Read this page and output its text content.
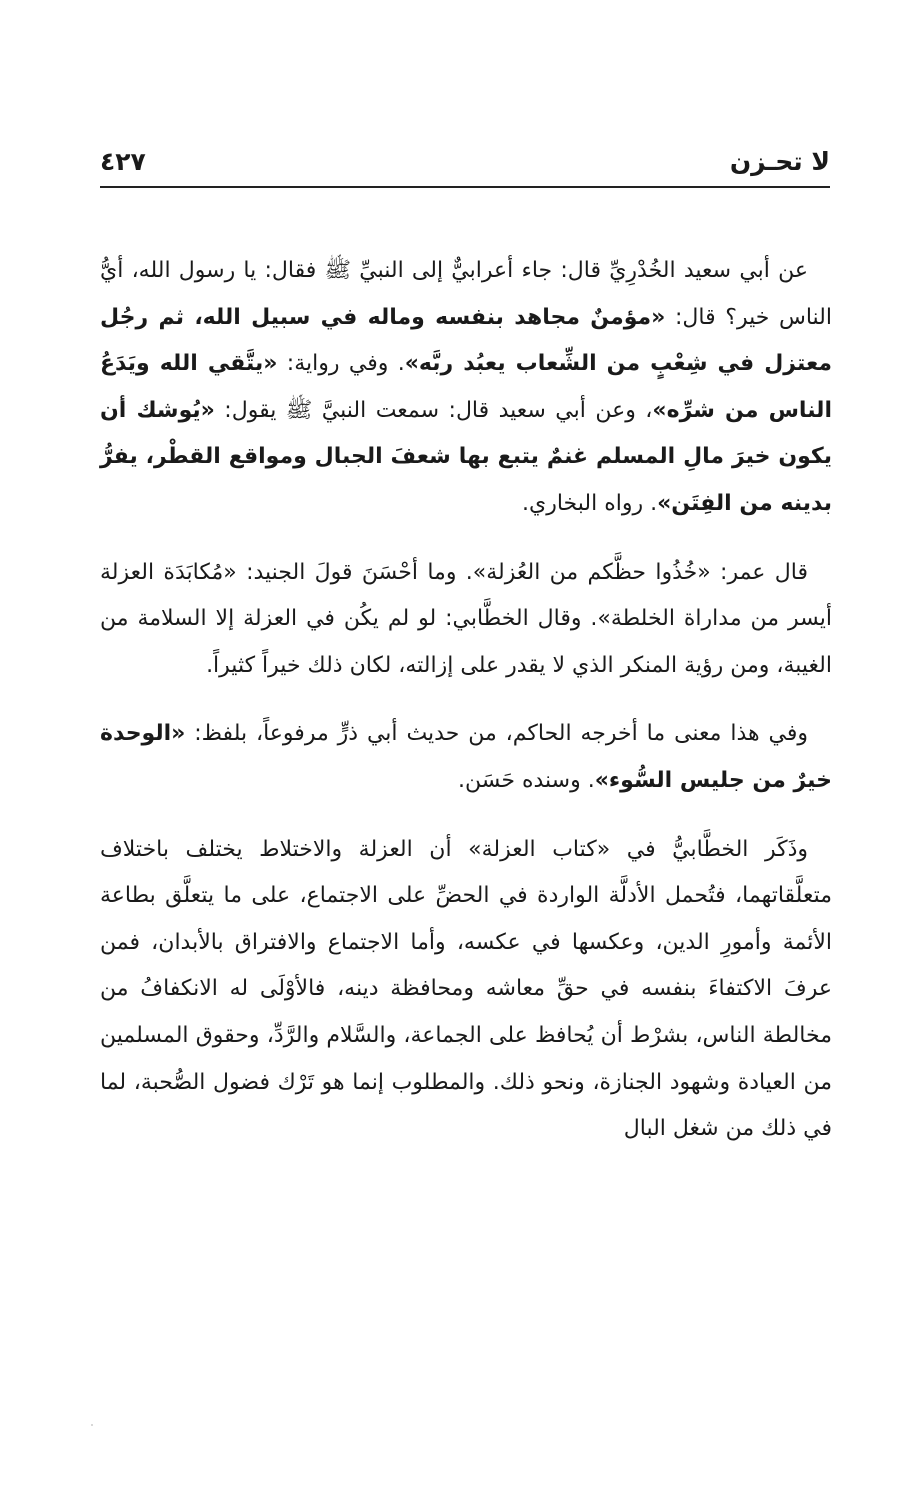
لا تحـزن
٤٢٧

عن أبي سعيد الخُدْرِيِّ قال: جاء أعرابيٌّ إلى النبيِّ ﷺ فقال: يا رسول الله، أيُّ الناس خير؟ قال: «مؤمنٌ مجاهد بنفسه وماله في سبيل الله، ثم رجُل معتزل في شِعْبٍ من الشِّعاب يعبُد ربَّه». وفي رواية: «يتَّقي الله ويَدَعُ الناس من شرِّه»، وعن أبي سعيد قال: سمعت النبيَّ ﷺ يقول: «يُوشك أن يكون خيرَ مالِ المسلم غنمٌ يتبع بها شعفَ الجبال ومواقع القطْر، يفرُّ بدينه من الفِتَن». رواه البخاري.

قال عمر: «خُذُوا حظَّكم من العُزلة». وما أحْسَنَ قولَ الجنيد: «مُكابَدَة العزلة أيسر من مداراة الخلطة». وقال الخطَّابي: لو لم يكُن في العزلة إلا السلامة من الغيبة، ومن رؤية المنكر الذي لا يقدر على إزالته، لكان ذلك خيراً كثيراً.

وفي هذا معنى ما أخرجه الحاكم، من حديث أبي ذرٍّ مرفوعاً، بلفظ: «الوحدة خيرٌ من جليس السُّوء». وسنده حَسَن.

وذَكَر الخطَّابيُّ في «كتاب العزلة» أن العزلة والاختلاط يختلف باختلاف متعلَّقاتهما، فتُحمل الأدلَّة الواردة في الحضِّ على الاجتماع، على ما يتعلَّق بطاعة الأئمة وأمورِ الدين، وعكسها في عكسه، وأما الاجتماع والافتراق بالأبدان، فمن عرفَ الاكتفاءَ بنفسه في حقِّ معاشه ومحافظة دينه، فالأوْلَى له الانكفافُ من مخالطة الناس، بشرْط أن يُحافظ على الجماعة، والسَّلام والرَّدِّ، وحقوق المسلمين من العيادة وشهود الجنازة، ونحو ذلك. والمطلوب إنما هو تَرْك فضول الصُّحبة، لما في ذلك من شغل البال
